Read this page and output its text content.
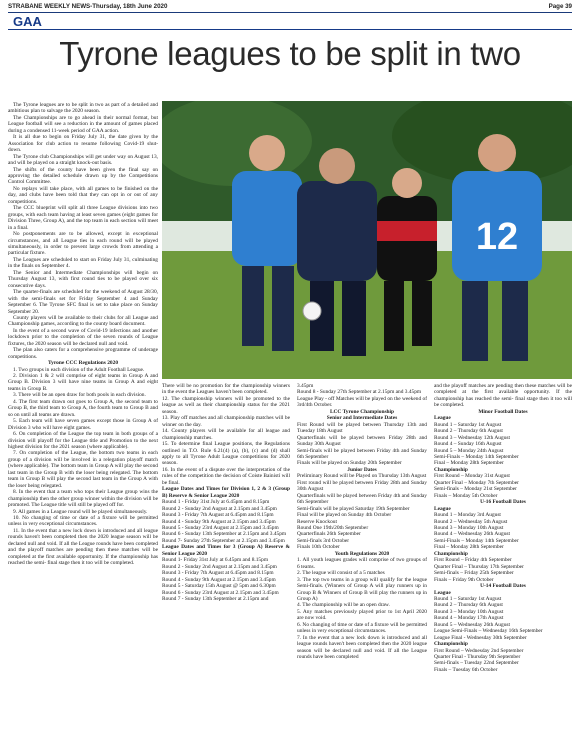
STRABANE WEEKLY NEWS-Thursday, 18th June 2020	Page 39
GAA
Tyrone leagues to be split in two

The Tyrone leagues are to be split in two as part of a detailed and ambitious plan to salvage the 2020 season.

The Championships are to go ahead in their normal format, but League football will see a reduction in the amount of games placed during a condensed 11-week period of GAA action.

It is all due to begin on Friday July 31, the date given by the Association for club action to resume following Covid-19 shut-down.

The Tyrone club Championships will get under way on August 13, and will be played on a straight knock-out basis.

The shifts of the county have been given the final say on approving the detailed schedule drawn up by the Competitions Control Committee.

No replays will take place, with all games to be finished on the day, and clubs have been told that they can opt in or out of any competitions.

The CCC blueprint will split all three League divisions into two groups, with each team having at least seven games (eight games for Division Three, Group A), and the top team in each section will meet in a final.

No postponements are to be allowed, except in exceptional circumstances, and all League ties in each round will be played simultaneously, in order to prevent large crowds from attending a particular fixture.

The Leagues are scheduled to start on Friday July 31, culminating in the finals on September 4.

The Senior and Intermediate Championships will begin on Thursday August 13, with first round ties to be played over six consecutive days.

The quarter-finals are scheduled for the weekend of August 28/30, with the semi-finals set for Friday September 4 and Sunday September 6. The Tyrone SFC final is set to take place on Sunday September 20.

County players will be available to their clubs for all League and Championship games, according to the county board document.

In the event of a second wave of Covid-19 infections and another lockdown prior to the completion of the seven rounds of League fixtures, the 2020 season will be declared null and void.

The plan also caters for a comprehensive programme of underage competitions.

Tyrone CCC Regulations 2020

1. Two groups in each division of the Adult Football League.

2. Division 1 & 2 will comprise of eight teams in Group A and Group B. Division 3 will have nine teams in Group A and eight teams in Group B.

3. There will be an open draw for both pools in each division.

4. The first team drawn out goes to Group A, the second team to Group B, the third team to Group A, the fourth team to Group B and so on until all teams are drawn.

5. Each team will have seven games except those in Group A of Division 3 who will have eight games.

6. On completion of the League the top team in both groups of a division will playoff for the League title and Promotion to the next highest division for the 2021 season (where applicable).

7. On completion of the League, the bottom two teams in each group of a division will be involved in a relegation playoff match (where applicable). The bottom team in Group A will play the second last team in the Group B with the loser being relegated. The bottom team in Group B will play the second last team in the Group A with the loser being relegated.

8. In the event that a team who tops their League group wins the championship then the other group winner within the division will be promoted. The League title will still be played off for.

9. All games in a League round will be played simultaneously.

10. No changing of time or date of a fixture will be permitted unless in very exceptional circumstances.

11. In the event that a new lock down is introduced and all league rounds haven't been completed then the 2020 league season will be declared null and void. If all the League rounds have been completed and the playoff matches are pending then these matches will be completed at the first available opportunity. If the championship has reached the semi- final stage then it too will be completed.

12

There will be no promotion for the championship winners in the event the Leagues haven't been completed.

12. The championship winners will be promoted to the league as well as their championship status for the 2021 season.

13. Play off matches and all championship matches will be winner on the day.

14. County players will be available for all league and championship matches.

15. To determine final League positions, the Regulations outlined in T.O. Rule 6.21(4) (a), (b), (c) and (d) shall apply to all Tyrone Adult League competitions for 2020 season.

16. In the event of a dispute over the interpretation of the rules of the competition the decision of Coiste Bainistí will be final.

League Dates and Times for Division 1, 2 & 3 (Group B) Reserve & Senior League 2020

Round 1 - Friday 31st July at 6.45pm and 8.15pm

Round 2 - Sunday 2nd August at 2.15pm and 3.45pm

Round 3 - Friday 7th August at 6.45pm and 8.15pm

Round 4 - Sunday 9th August at 2.15pm and 3.45pm

Round 5 - Sunday 23rd August at 2.15pm and 3.45pm

Round 6 - Sunday 13th September at 2.15pm and 3.45pm

Round 7- Sunday 27th September at 2.15pm and 3.45pm

League Dates and Times for 3 (Group A) Reserve & Senior League 2020

Round 1- Friday 31st July at 6.45pm and 8.15pm

Round 2 - Sunday 2nd August at 2.15pm and 3.45pm

Round 3 - Friday 7th August at 6.45pm and 8.15pm

Round 4 - Sunday 9th August at 2.15pm and 3.45pm

Round 5 - Saturday 15th August @ 5pm and 6.30pm

Round 6 - Sunday 23rd August at 2.15pm and 3.45pm

Round 7 - Sunday 13th September at 2.15pm and

3.45pm

Round 8 - Sunday 27th September at 2.15pm and 3.45pm

League Play - off Matches will be played on the weekend of 3rd/4th October.

LCC Tyrone Championship

Senior and Intermediate Dates

First Round will be played between Thursday 13th and Tuesday 18th August

Quarterfinals will be played between Friday 28th and Sunday 30th August

Semi-finals will be played between Friday 4th and Sunday 6th September

Finals will be played on Sunday 20th September

Junior Dates

Preliminary Round will be Played on Thursday 13th August

First round will be played between Friday 28th and Sunday 30th August

Quarterfinals will be played between Friday 4th and Sunday 6th September

Semi-finals will be played Saturday 19th September

Final will be played on Sunday 4th October

Reserve Knockout

Round One 19th/20th September

Quarterfinals 26th September

Semi-finals 3rd October

Finals 10th October

Youth Regulations 2020

1. All youth leagues grades will comprise of two groups of 6 teams.

2. The league will consist of a 5 matches

3. The top two teams in a group will qualify for the league Semi-finals. (Winners of Group A will play runners up in Group B & Winners of Group B will play the runners up in Group A)

4. The championship will be an open draw.

5. Any matches previously played prior to 1st April 2020 are now void.

6. No changing of time or date of a fixture will be permitted unless in very exceptional circumstances.

7. In the event that a new lock down is introduced and all league rounds haven't been completed then the 2020 league season will be declared null and void. If all the League rounds have been completed

and the playoff matches are pending then these matches will be completed at the first available opportunity. If the championship has reached the semi- final stage then it too will be completed.

Minor Football Dates

League

Round 1 – Saturday 1st August

Round 2 – Thursday 6th August

Round 3 – Wednesday 12th August

Round 4 – Sunday 16th August

Round 5 – Monday 24th August

Semi-Finals – Monday 14th September

Final – Monday 28th September

Championship

First Round – Monday 31st August

Quarter Final – Monday 7th September

Semi-finals – Monday 21st September

Finals – Monday 5th October

U-16 Football Dates

League

Round 1 – Monday 3rd August

Round 2 – Wednesday 5th August

Round 3 – Monday 10th August

Round 4 – Wednesday 26th August

Semi-Finals – Monday 14th September

Final – Monday 28th September

Championship

First Round – Friday 4th September

Quarter Final – Thursday 17th September

Semi-finals – Friday 25th September

Finals – Friday 9th October

U-14 Football Dates

League

Round 1 – Saturday 1st August

Round 2 – Thursday 6th August

Round 3 – Monday 10th August

Round 4 – Monday 17th August

Round 5 – Wednesday 26th August

League Semi-Finals – Wednesday 16th September

League Final - Wednesday 30th September

Championship

First Round – Wednesday 2nd September

Quarter Final - Thursday 9th September

Semi-finals – Tuesday 22nd September

Finals – Tuesday 6th October
